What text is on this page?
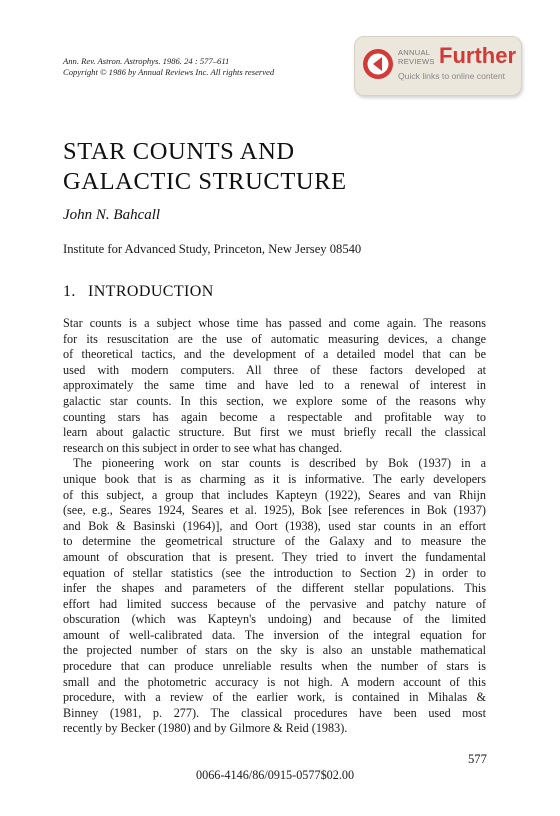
Ann. Rev. Astron. Astrophys. 1986. 24 : 577–611
Copyright © 1986 by Annual Reviews Inc. All rights reserved
ANNUAL
REVIEWS Further
Quick links to online content
STAR COUNTS AND
GALACTIC STRUCTURE
John N. Bahcall
Institute for Advanced Study, Princeton, New Jersey 08540
1. INTRODUCTION
Star counts is a subject whose time has passed and come again. The reasons
for its resuscitation are the use of automatic measuring devices, a change
of theoretical tactics, and the development of a detailed model that can be
used with modern computers. All three of these factors developed at
approximately the same time and have led to a renewal of interest in
galactic star counts. In this section, we explore some of the reasons why
counting stars has again become a respectable and profitable way to
learn about galactic structure. But first we must briefly recall the classical
research on this subject in order to see what has changed.
The pioneering work on star counts is described by Bok (1937) in a
unique book that is as charming as it is informative. The early developers
of this subject, a group that includes Kapteyn (1922), Seares and van Rhijn
(see, e.g., Seares 1924, Seares et al. 1925), Bok [see references in Bok (1937)
and Bok & Basinski (1964)], and Oort (1938), used star counts in an effort
to determine the geometrical structure of the Galaxy and to measure the
amount of obscuration that is present. They tried to invert the fundamental
equation of stellar statistics (see the introduction to Section 2) in order to
infer the shapes and parameters of the different stellar populations. This
effort had limited success because of the pervasive and patchy nature of
obscuration (which was Kapteyn's undoing) and because of the limited
amount of well-calibrated data. The inversion of the integral equation for
the projected number of stars on the sky is also an unstable mathematical
procedure that can produce unreliable results when the number of stars is
small and the photometric accuracy is not high. A modern account of this
procedure, with a review of the earlier work, is contained in Mihalas &
Binney (1981, p. 277). The classical procedures have been used most
recently by Becker (1980) and by Gilmore & Reid (1983).
577
0066-4146/86/0915-0577$02.00
